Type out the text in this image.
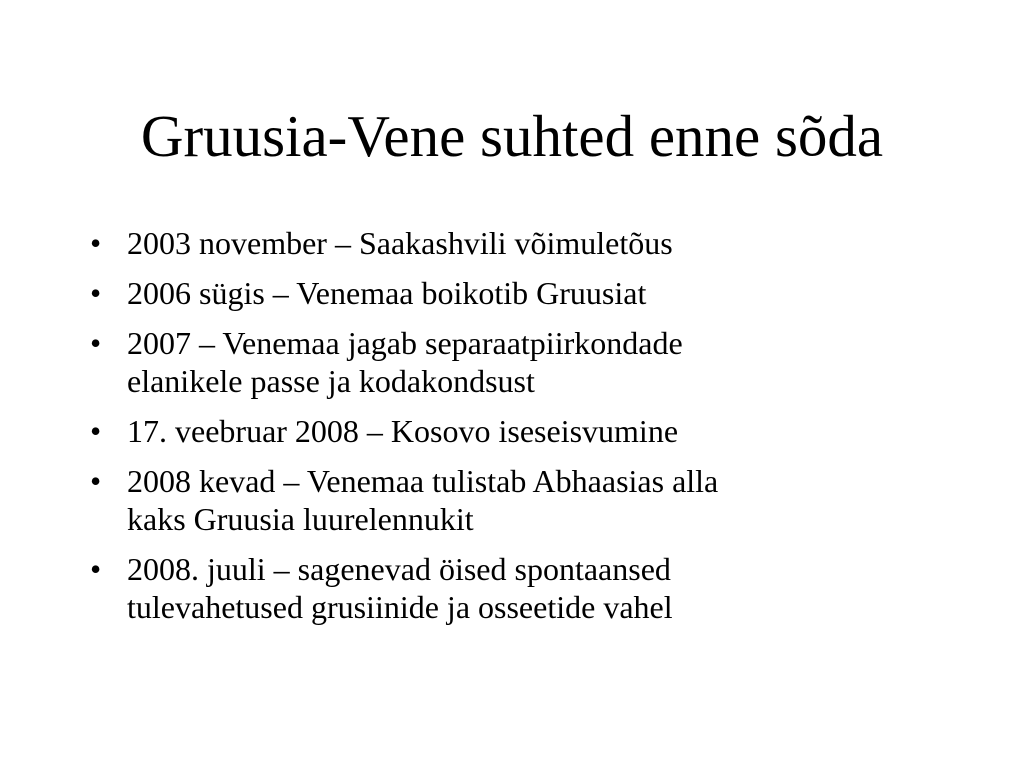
Gruusia-Vene suhted enne sõda
• 2003 november – Saakashvili võimuletõus
• 2006 sügis – Venemaa boikotib Gruusiat
• 2007 – Venemaa jagab separaatpiirkondade
elanikele passe ja kodakondsust
• 17. veebruar 2008 – Kosovo iseseisvumine
• 2008 kevad – Venemaa tulistab Abhaasias alla
kaks Gruusia luurelennukit
• 2008. juuli – sagenevad öised spontaansed
tulevahetused grusiinide ja osseetide vahel
